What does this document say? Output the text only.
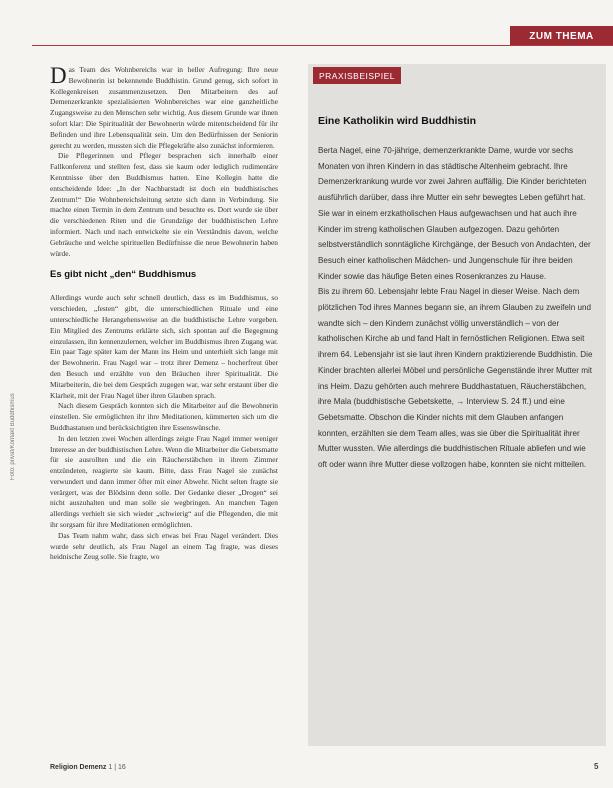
ZUM THEMA
Foto: privat/Kontakt Buddhismus

Das Team des Wohnbereichs war in heller Aufregung: Ihre neue Bewohnerin ist bekennende Buddhistin. Grund genug, sich sofort in Kollegenkreisen zusammenzusetzen. Den Mitarbeitern des auf Demenzerkrankte spezialisierten Wohnbereiches war eine ganzheitliche Zugangsweise zu den Menschen sehr wichtig. Aus diesem Grunde war ihnen sofort klar: Die Spiritualität der Bewohnerin würde mitentscheidend für ihr Befinden und ihre Lebensqualität sein. Um den Bedürfnissen der Seniorin gerecht zu werden, mussten sich die Pflegekräfte also zunächst informieren.

Die Pflegerinnen und Pfleger besprachen sich innerhalb einer Fallkonferenz und stellten fest, dass sie kaum oder lediglich rudimentäre Kenntnisse über den Buddhismus hatten. Eine Kollegin hatte die entscheidende Idee: „In der Nachbarstadt ist doch ein buddhistisches Zentrum!“ Die Wohnbereichsleitung setzte sich dann in Verbindung. Sie machte einen Termin in dem Zentrum und besuchte es. Dort wurde sie über die verschiedenen Riten und die Grundzüge der buddhistischen Lehre informiert. Nach und nach entwickelte sie ein Verständnis davon, welche Gebräuche und welche spirituellen Bedürfnisse die neue Bewohnerin haben würde.

Es gibt nicht „den“ Buddhismus

Allerdings wurde auch sehr schnell deutlich, dass es im Buddhismus, so verschieden, „festen“ gibt, die unterschiedlichen Rituale und eine unterschiedliche Herangehensweise an die buddhistische Lehre vorgeben. Ein Mitglied des Zentrums erklärte sich, sich spontan auf die Begegnung einzulassen, ihn kennenzulernen, welcher im Buddhismus ihren Zugang war. Ein paar Tage später kam der Mann ins Heim und unterhielt sich lange mit der Bewohnerin. Frau Nagel war – trotz ihrer Demenz – hocherfreut über den Besuch und erzählte von den Bräuchen ihrer Spiritualität. Die Mitarbeiterin, die bei dem Gespräch zugegen war, war sehr erstaunt über die Klarheit, mit der Frau Nagel über ihren Glauben sprach.

Nach diesem Gespräch konnten sich die Mitarbeiter auf die Bewohnerin einstellen. Sie ermöglichten ihr ihre Meditationen, kümmerten sich um die Buddhastatuen und berücksichtigten ihre Essenswünsche.

In den letzten zwei Wochen allerdings zeigte Frau Nagel immer weniger Interesse an der buddhistischen Lehre. Wenn die Mitarbeiter die Gebetsmatte für sie ausrollten und die ein Räucherstäbchen in ihrem Zimmer entzündeten, reagierte sie kaum. Bitte, dass Frau Nagel sie zunächst verwundert und dann immer öfter mit einer Abwehr. Nicht selten fragte sie verärgert, was der Blödsinn denn solle. Der Gedanke dieser „Drogen“ sei nicht auszuhalten und man solle sie wegbringen. An manchen Tagen allerdings verhielt sie sich wieder „schwierig“ auf die Pflegenden, die mit ihr sorgsam für ihre Meditationen ermöglichten.

Das Team nahm wahr, dass sich etwas bei Frau Nagel verändert. Dies wurde sehr deutlich, als Frau Nagel an einem Tag fragte, was dieses heidnische Zeug solle. Sie fragte, wo

PRAXISBEISPIEL
Eine Katholikin wird Buddhistin

Berta Nagel, eine 70-jährige, demenzerkrankte Dame, wurde vor sechs Monaten von ihren Kindern in das städtische Altenheim gebracht. Ihre Demenzerkrankung wurde vor zwei Jahren auffällig. Die Kinder berichteten ausführlich darüber, dass ihre Mutter ein sehr bewegtes Leben geführt hat. Sie war in einem erzkatholischen Haus aufgewachsen und hat auch ihre Kinder im streng katholischen Glauben aufgezogen. Dazu gehörten selbstverständlich sonntägliche Kirchgänge, der Besuch von Andachten, der Besuch einer katholischen Mädchen- und Jungenschule für ihre beiden Kinder sowie das häufige Beten eines Rosenkranzes zu Hause.

Bis zu ihrem 60. Lebensjahr lebte Frau Nagel in dieser Weise. Nach dem plötzlichen Tod ihres Mannes begann sie, an ihrem Glauben zu zweifeln und wandte sich – den Kindern zunächst völlig unverständlich – von der katholischen Kirche ab und fand Halt in fernöstlichen Religionen. Etwa seit ihrem 64. Lebensjahr ist sie laut ihren Kindern praktizierende Buddhistin. Die Kinder brachten allerlei Möbel und persönliche Gegenstände ihrer Mutter mit ins Heim. Dazu gehörten auch mehrere Buddhastatuen, Räucherstäbchen, ihre Mala (buddhistische Gebetskette, → Interview S. 24 ff.) und eine Gebetsmatte. Obschon die Kinder nichts mit dem Glauben anfangen konnten, erzählten sie dem Team alles, was sie über die Spiritualität ihrer Mutter wussten. Wie allerdings die buddhistischen Rituale abliefen und wie oft oder wann ihre Mutter diese vollzogen habe, konnten sie nicht mitteilen.

Religion Demenz 1 | 16	5
